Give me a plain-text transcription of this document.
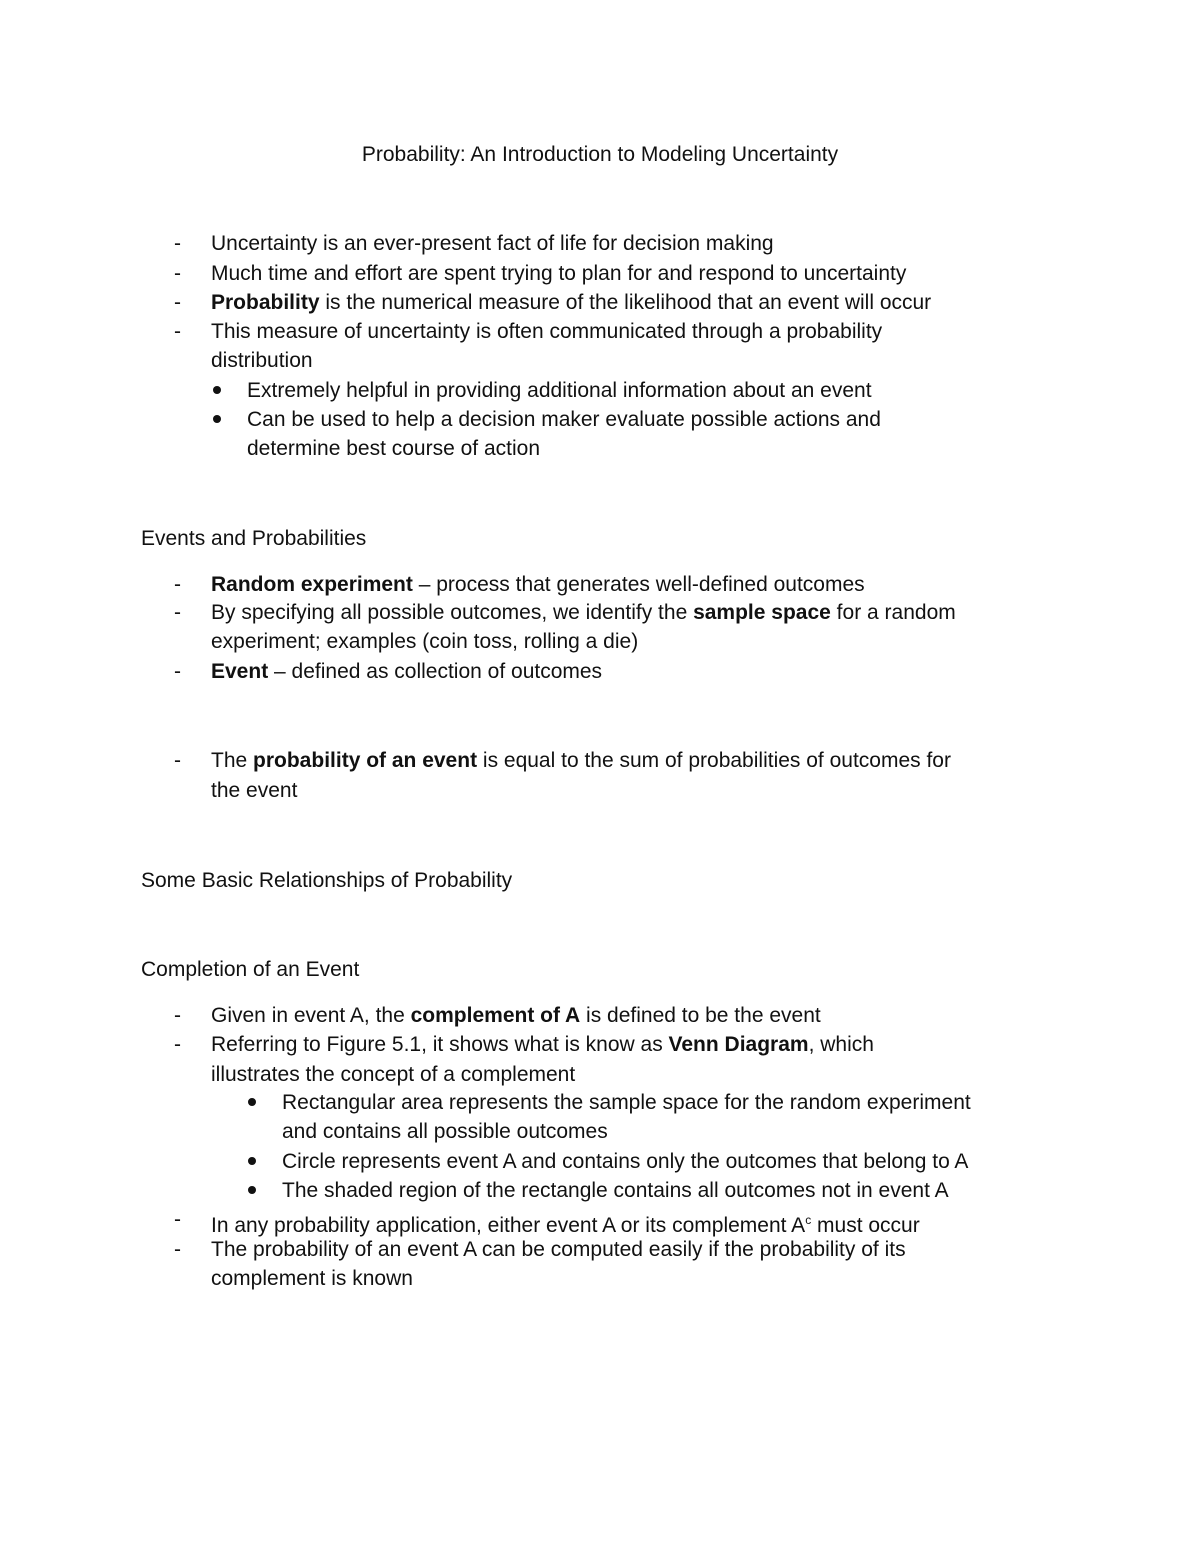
Probability: An Introduction to Modeling Uncertainty
- Uncertainty is an ever-present fact of life for decision making
- Much time and effort are spent trying to plan for and respond to uncertainty
- Probability is the numerical measure of the likelihood that an event will occur
- This measure of uncertainty is often communicated through a probability
distribution
Extremely helpful in providing additional information about an event
Can be used to help a decision maker evaluate possible actions and
determine best course of action
Events and Probabilities
- Random experiment – process that generates well-defined outcomes
- By specifying all possible outcomes, we identify the sample space for a random
experiment; examples (coin toss, rolling a die)
- Event – defined as collection of outcomes
- The probability of an event is equal to the sum of probabilities of outcomes for
the event
Some Basic Relationships of Probability
Completion of an Event
- Given in event A, the complement of A is defined to be the event
- Referring to Figure 5.1, it shows what is know as Venn Diagram, which
illustrates the concept of a complement
Rectangular area represents the sample space for the random experiment
and contains all possible outcomes
Circle represents event A and contains only the outcomes that belong to A
The shaded region of the rectangle contains all outcomes not in event A
- In any probability application, either event A or its complement $A^c$ must occur
- The probability of an event A can be computed easily if the probability of its
complement is known
